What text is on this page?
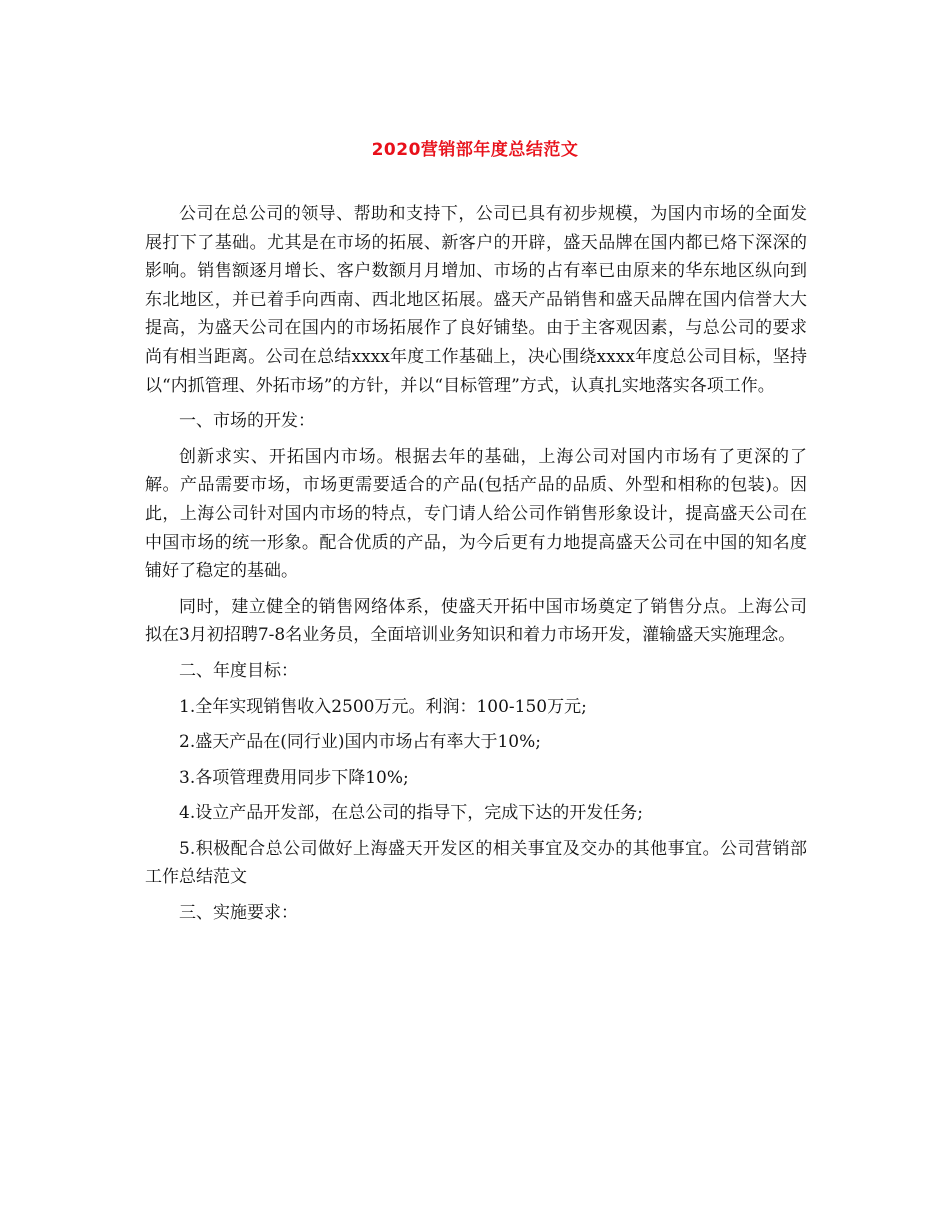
2020营销部年度总结范文

公司在总公司的领导、帮助和支持下，公司已具有初步规模，为国内市场的全面发展打下了基础。尤其是在市场的拓展、新客户的开辟，盛天品牌在国内都已烙下深深的影响。销售额逐月增长、客户数额月月增加、市场的占有率已由原来的华东地区纵向到东北地区，并已着手向西南、西北地区拓展。盛天产品销售和盛天品牌在国内信誉大大提高，为盛天公司在国内的市场拓展作了良好铺垫。由于主客观因素，与总公司的要求尚有相当距离。公司在总结xxxx年度工作基础上，决心围绕xxxx年度总公司目标，坚持以“内抓管理、外拓市场”的方针，并以“目标管理”方式，认真扎实地落实各项工作。

一、市场的开发：

创新求实、开拓国内市场。根据去年的基础，上海公司对国内市场有了更深的了解。产品需要市场，市场更需要适合的产品(包括产品的品质、外型和相称的包装)。因此，上海公司针对国内市场的特点，专门请人给公司作销售形象设计，提高盛天公司在中国市场的统一形象。配合优质的产品，为今后更有力地提高盛天公司在中国的知名度铺好了稳定的基础。

同时，建立健全的销售网络体系，使盛天开拓中国市场奠定了销售分点。上海公司拟在3月初招聘7-8名业务员，全面培训业务知识和着力市场开发，灌输盛天实施理念。

二、年度目标：

1.全年实现销售收入2500万元。利润：100-150万元;

2.盛天产品在(同行业)国内市场占有率大于10%;

3.各项管理费用同步下降10%;

4.设立产品开发部，在总公司的指导下，完成下达的开发任务;

5.积极配合总公司做好上海盛天开发区的相关事宜及交办的其他事宜。公司营销部工作总结范文

三、实施要求：
